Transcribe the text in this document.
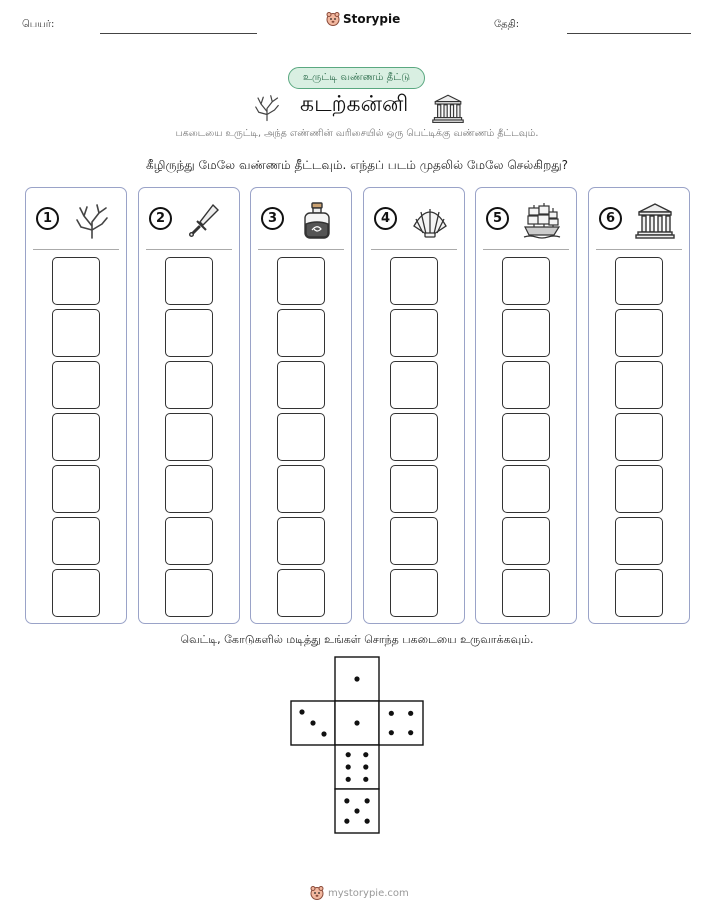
பெயர்:	Storypie	தேதி:
உருட்டி வண்ணம் தீட்டு
கடற்கன்னி
பகடையை உருட்டி, அந்த எண்ணின் வரிசையில் ஒரு பெட்டிக்கு வண்ணம் தீட்டவும்.
கீழிருந்து மேலே வண்ணம் தீட்டவும். எந்தப் படம் முதலில் மேலே செல்கிறது?
1	2	3	4	5	6
வெட்டி, கோடுகளில் மடித்து உங்கள் சொந்த பகடையை உருவாக்கவும்.
mystorypie.com
